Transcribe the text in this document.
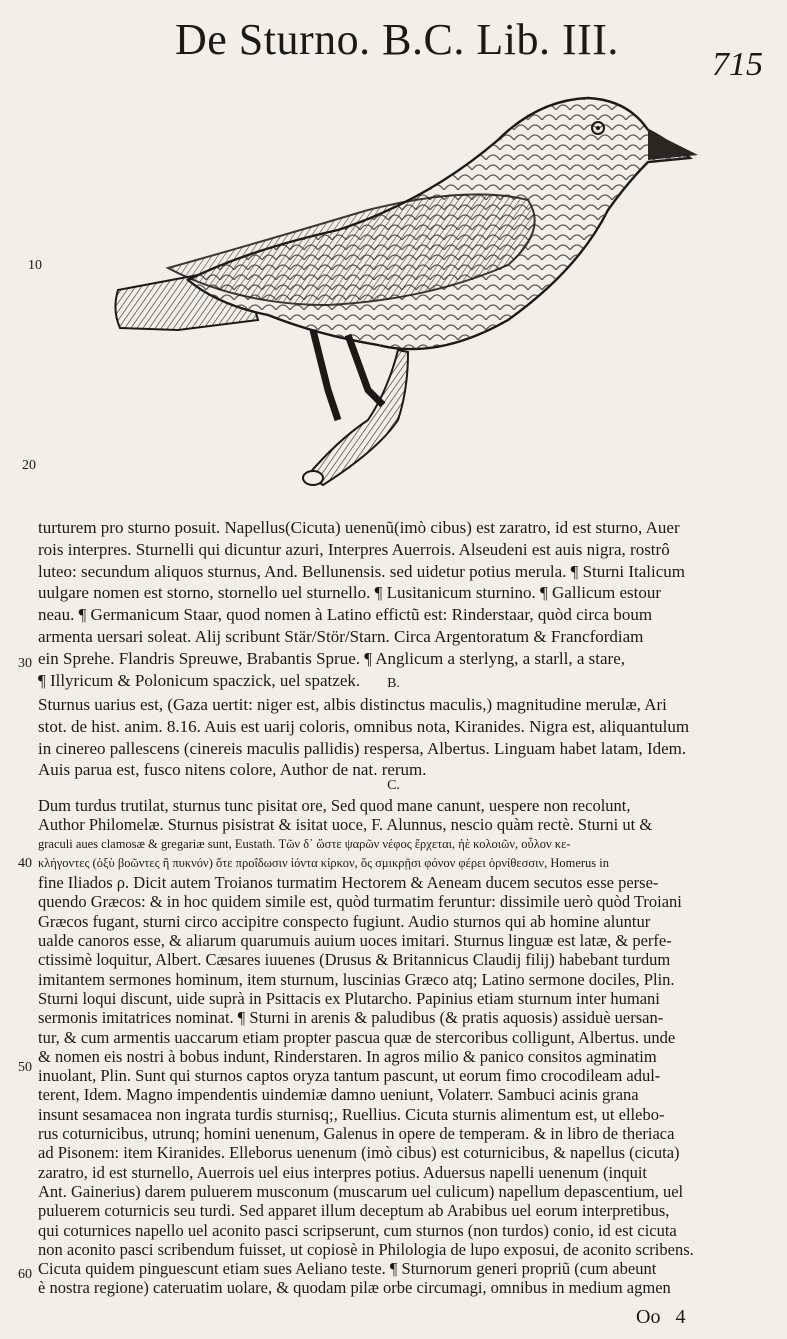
De Sturno. B.C. Lib. III.
715
10
20
30
40
50
60
turturem pro sturno posuit. Napellus(Cicuta) uenenũ(imò cibus) est zaratro, id est sturno, Auer
rois interpres. Sturnelli qui dicuntur azuri, Interpres Auerrois. Alseudeni est auis nigra, rostrô
luteo: secundum aliquos sturnus, And. Bellunensis. sed uidetur potius merula. ¶ Sturni Italicum
uulgare nomen est storno, stornello uel sturnello. ¶ Lusitanicum sturnino. ¶ Gallicum estour
neau. ¶ Germanicum Staar, quod nomen à Latino effictũ est: Rinderstaar, quòd circa boum
armenta uersari soleat. Alij scribunt Stär/Stör/Starn. Circa Argentoratum & Francfordiam
ein Sprehe. Flandris Spreuwe, Brabantis Sprue. ¶ Anglicum a sterlyng, a starll, a stare,
¶ Illyricum & Polonicum spaczick, uel spatzek.	B.
Sturnus uarius est, (Gaza uertit: niger est, albis distinctus maculis,) magnitudine merulæ, Ari
stot. de hist. anim. 8.16. Auis est uarij coloris, omnibus nota, Kiranides. Nigra est, aliquantulum
in cinereo pallescens (cinereis maculis pallidis) respersa, Albertus. Linguam habet latam, Idem.
Auis parua est, fusco nitens colore, Author de nat. rerum.
C.
Dum turdus trutilat, sturnus tunc pisitat ore, Sed quod mane canunt, uespere non recolunt,
Author Philomelæ. Sturnus pisistrat & isitat uoce, F. Alunnus, nescio quàm rectè. Sturni ut &
graculi aues clamosæ & gregariæ sunt, Eustath. Τῶν δ᾽ ὥστε ψαρῶν νέφος ἔρχεται, ἠὲ κολοιῶν, οὖλον κε-
κλήγοντες (ὀξὺ βοῶντες ἢ πυκνόν) ὅτε προΐδωσιν ἰόντα κίρκον, ὅς σμικρῇσι φόνον φέρει ὀρνίθεσσιν, Homerus in
fine Iliados ρ. Dicit autem Troianos turmatim Hectorem & Aeneam ducem secutos esse perse-
quendo Græcos: & in hoc quidem simile est, quòd turmatim feruntur: dissimile uerò quòd Troiani
Græcos fugant, sturni circo accipitre conspecto fugiunt. Audio sturnos qui ab homine aluntur
ualde canoros esse, & aliarum quarumuis auium uoces imitari. Sturnus linguæ est latæ, & perfe-
ctissimè loquitur, Albert. Cæsares iuuenes (Drusus & Britannicus Claudij filij) habebant turdum
imitantem sermones hominum, item sturnum, luscinias Græco atq; Latino sermone dociles, Plin.
Sturni loqui discunt, uide suprà in Psittacis ex Plutarcho. Papinius etiam sturnum inter humani
sermonis imitatrices nominat. ¶ Sturni in arenis & paludibus (& pratis aquosis) assiduè uersan-
tur, & cum armentis uaccarum etiam propter pascua quæ de stercoribus colligunt, Albertus. unde
& nomen eis nostri à bobus indunt, Rinderstaren. In agros milio & panico consitos agminatim
inuolant, Plin. Sunt qui sturnos captos oryza tantum pascunt, ut eorum fimo crocodileam adul-
terent, Idem. Magno impendentis uindemiæ damno ueniunt, Volaterr. Sambuci acinis grana
insunt sesamacea non ingrata turdis sturnisq;, Ruellius. Cicuta sturnis alimentum est, ut ellebo-
rus coturnicibus, utrunq; homini uenenum, Galenus in opere de temperam. & in libro de theriaca
ad Pisonem: item Kiranides. Elleborus uenenum (imò cibus) est coturnicibus, & napellus (cicuta)
zaratro, id est sturnello, Auerrois uel eius interpres potius. Aduersus napelli uenenum (inquit
Ant. Gainerius) darem puluerem musconum (muscarum uel culicum) napellum depascentium, uel
puluerem coturnicis seu turdi. Sed apparet illum deceptum ab Arabibus uel eorum interpretibus,
qui coturnices napello uel aconito pasci scripserunt, cum sturnos (non turdos) conio, id est cicuta
non aconito pasci scribendum fuisset, ut copiosè in Philologia de lupo exposui, de aconito scribens.
Cicuta quidem pinguescunt etiam sues Aeliano teste. ¶ Sturnorum generi propriũ (cum abeunt
è nostra regione) cateruatim uolare, & quodam pilæ orbe circumagi, omnibus in medium agmen
Oo 4
